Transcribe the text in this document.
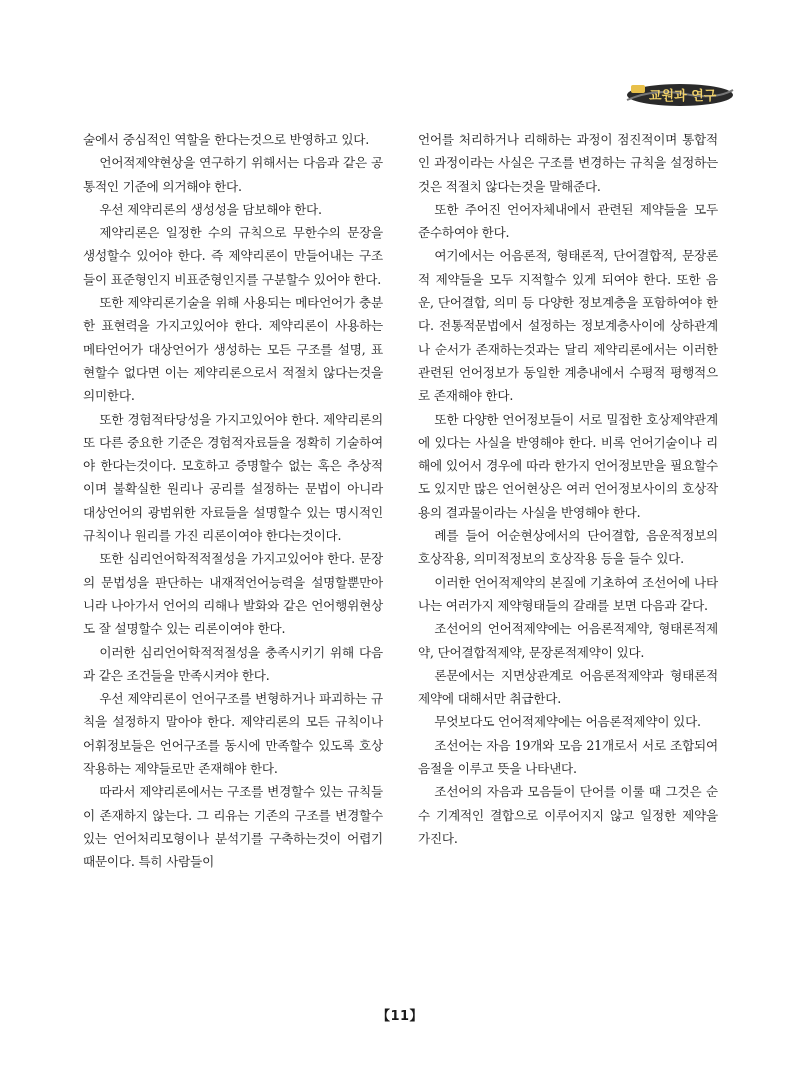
교원과 연구

술에서 중심적인 역할을 한다는것으로 반영하고 있다.

언어적제약현상을 연구하기 위해서는 다음과 같은 공통적인 기준에 의거해야 한다.

우선 제약리론의 생성성을 담보해야 한다.

제약리론은 일정한 수의 규칙으로 무한수의 문장을 생성할수 있어야 한다. 즉 제약리론이 만들어내는 구조들이 표준형인지 비표준형인지를 구분할수 있어야 한다.

또한 제약리론기술을 위해 사용되는 메타언어가 충분한 표현력을 가지고있어야 한다. 제약리론이 사용하는 메타언어가 대상언어가 생성하는 모든 구조를 설명, 표현할수 없다면 이는 제약리론으로서 적절치 않다는것을 의미한다.

또한 경험적타당성을 가지고있어야 한다. 제약리론의 또 다른 중요한 기준은 경험적자료들을 정확히 기술하여야 한다는것이다. 모호하고 증명할수 없는 혹은 추상적이며 불확실한 원리나 공리를 설정하는 문법이 아니라 대상언어의 광범위한 자료들을 설명할수 있는 명시적인 규칙이나 원리를 가진 리론이여야 한다는것이다.

또한 심리언어학적적절성을 가지고있어야 한다. 문장의 문법성을 판단하는 내재적언어능력을 설명할뿐만아니라 나아가서 언어의 리해나 발화와 같은 언어행위현상도 잘 설명할수 있는 리론이여야 한다.

이러한 심리언어학적적절성을 충족시키기 위해 다음과 같은 조건들을 만족시켜야 한다.

우선 제약리론이 언어구조를 변형하거나 파괴하는 규칙을 설정하지 말아야 한다. 제약리론의 모든 규칙이나 어휘정보들은 언어구조를 동시에 만족할수 있도록 호상작용하는 제약들로만 존재해야 한다.

따라서 제약리론에서는 구조를 변경할수 있는 규칙들이 존재하지 않는다. 그 리유는 기존의 구조를 변경할수 있는 언어처리모형이나 분석기를 구축하는것이 어렵기때문이다. 특히 사람들이

언어를 처리하거나 리해하는 과정이 점진적이며 통합적인 과정이라는 사실은 구조를 변경하는 규칙을 설정하는것은 적절치 않다는것을 말해준다.

또한 주어진 언어자체내에서 관련된 제약들을 모두 준수하여야 한다.

여기에서는 어음론적, 형태론적, 단어결합적, 문장론적 제약들을 모두 지적할수 있게 되여야 한다. 또한 음운, 단어결합, 의미 등 다양한 정보계층을 포함하여야 한다. 전통적문법에서 설정하는 정보계층사이에 상하관계나 순서가 존재하는것과는 달리 제약리론에서는 이러한 관련된 언어정보가 동일한 계층내에서 수평적 평행적으로 존재해야 한다.

또한 다양한 언어정보들이 서로 밀접한 호상제약관계에 있다는 사실을 반영해야 한다. 비록 언어기술이나 리해에 있어서 경우에 따라 한가지 언어정보만을 필요할수도 있지만 많은 언어현상은 여러 언어정보사이의 호상작용의 결과물이라는 사실을 반영해야 한다.

례를 들어 어순현상에서의 단어결합, 음운적정보의 호상작용, 의미적정보의 호상작용 등을 들수 있다.

이러한 언어적제약의 본질에 기초하여 조선어에 나타나는 여러가지 제약형태들의 갈래를 보면 다음과 같다.

조선어의 언어적제약에는 어음론적제약, 형태론적제약, 단어결합적제약, 문장론적제약이 있다.

론문에서는 지면상관계로 어음론적제약과 형태론적제약에 대해서만 취급한다.

무엇보다도 언어적제약에는 어음론적제약이 있다.

조선어는 자음 19개와 모음 21개로서 서로 조합되여 음절을 이루고 뜻을 나타낸다.

조선어의 자음과 모음들이 단어를 이룰 때 그것은 순수 기계적인 결합으로 이루어지지 않고 일정한 제약을 가진다.

【11】
